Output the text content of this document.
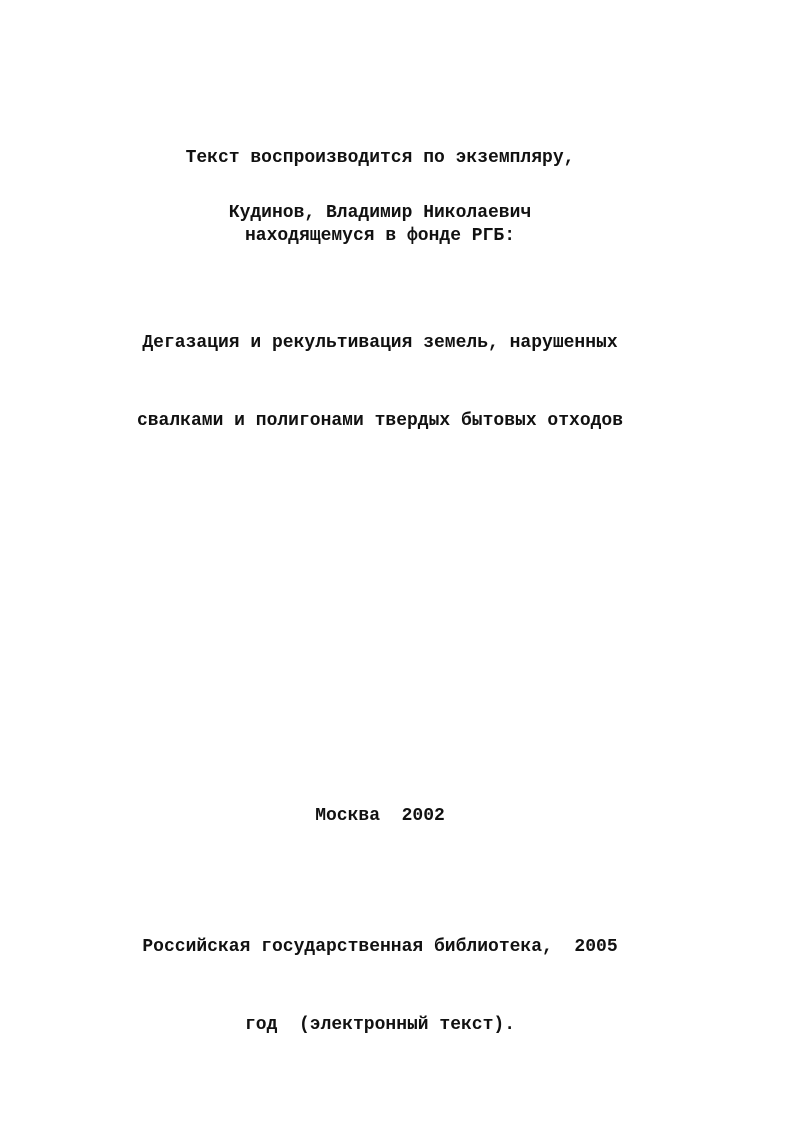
Текст воспроизводится по экземпляру,

находящемуся в фонде РГБ:

Кудинов, Владимир Николаевич

Дегазация и рекультивация земель, нарушенных

свалками и полигонами твердых бытовых отходов

Москва  2002

Российская государственная библиотека,  2005

год  (электронный текст).
